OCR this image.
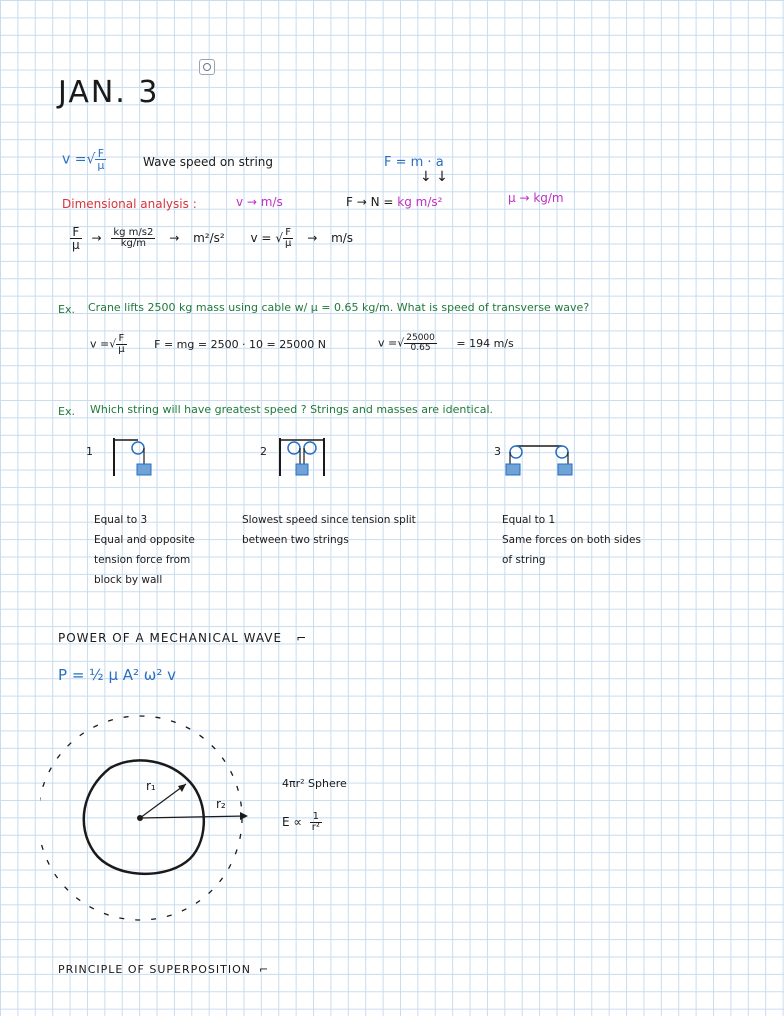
JAN. 3
v =√ $\frac{F}{\mu}$	Wave speed on string	F = m · a
↓ ↓
Dimensional analysis :	v → m/s	F → N = kg m/s²	μ → kg/m
$\frac{F}{\mu} \to \frac{\text{kg m/s2}}{kg/m} \to m^2/s^2$ v = √ $\frac{F}{\mu} \to m/s$
Ex. Crane lifts 2500 kg mass using cable w/ μ = 0.65 kg/m. What is speed of transverse wave?
v =√ $\frac{F}{\mu}$	F = mg = 2500 · 10 = 25000 N	v =√ $\frac{25000}{0.65} = 194$ m/s
Ex. Which string will have greatest speed ? Strings and masses are identical.
1	2	3
Equal to 3
Equal and opposite
tension force from
block by wall
Slowest speed since tension split
between two strings
Equal to 1
Same forces on both sides
of string
POWER OF A MECHANICAL WAVE ⌐
P = ½ μ A² ω² v
r₁
r₂
4πr² Sphere
$E \propto \frac{1}{\text{r²}}$
PRINCIPLE OF SUPERPOSITION ⌐
